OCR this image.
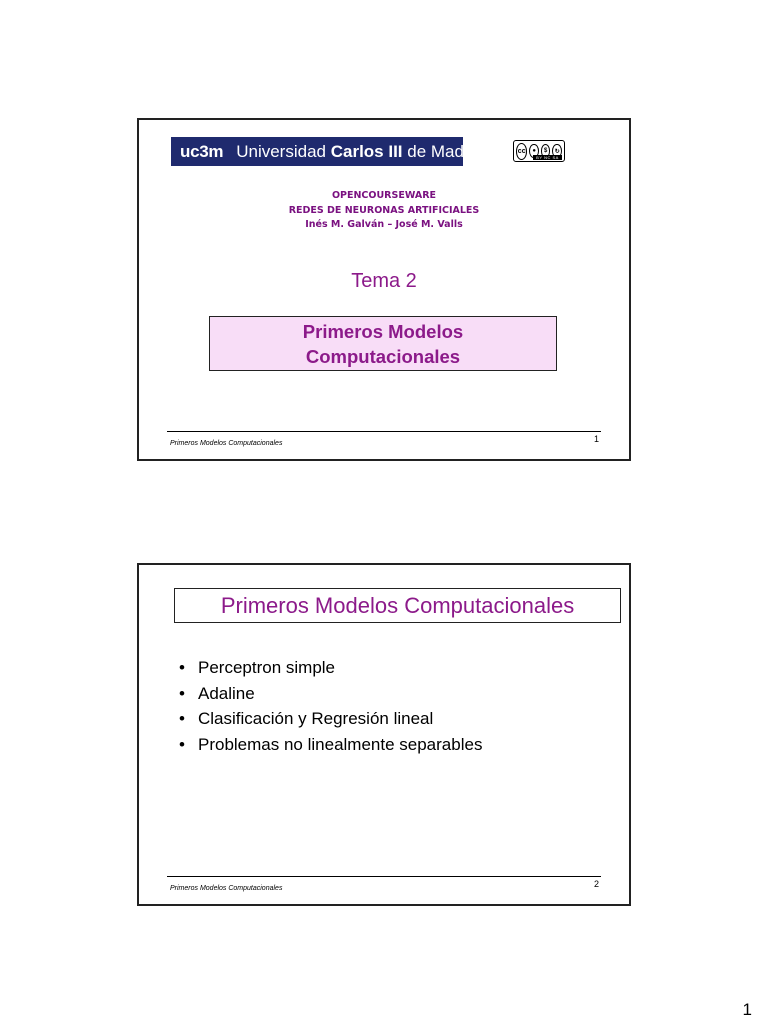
uc3m Universidad Carlos III de Madrid	cc	●	$	↻
BY NC SA
OPENCOURSEWARE
REDES DE NEURONAS ARTIFICIALES
Inés M. Galván – José M. Valls
Tema 2
Primeros Modelos
Computacionales
Primeros Modelos Computacionales	1
Primeros Modelos Computacionales
• Perceptron simple
• Adaline
• Clasificación y Regresión lineal
• Problemas no linealmente separables
Primeros Modelos Computacionales	2
1
